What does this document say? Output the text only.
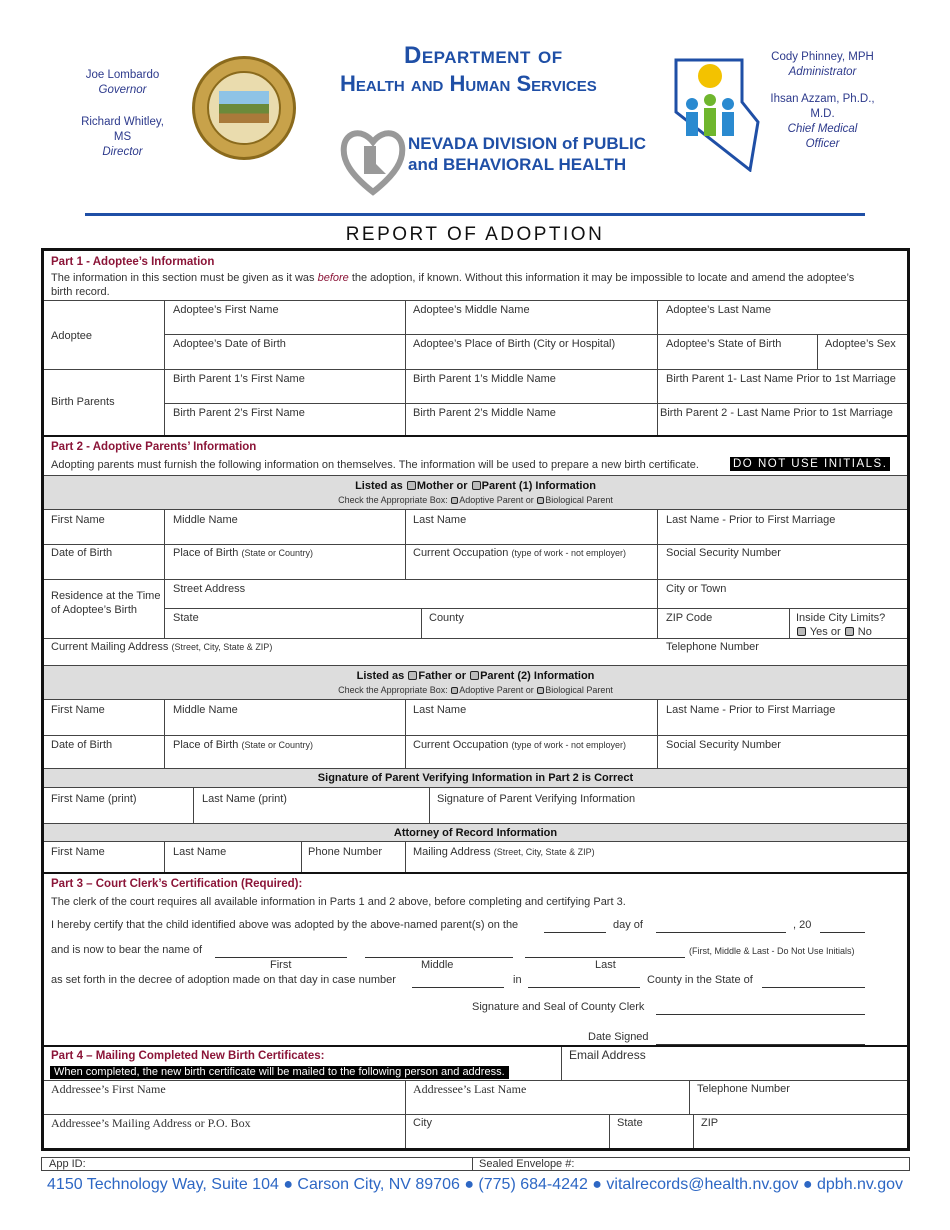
Joe Lombardo
Governor
Richard Whitley, MS
Director
Department of
Health and Human Services
NEVADA DIVISION of PUBLIC
and BEHAVIORAL HEALTH
Cody Phinney, MPH
Administrator
Ihsan Azzam, Ph.D., M.D.
Chief Medical Officer
REPORT OF ADOPTION
Part 1 - Adoptee’s Information
The information in this section must be given as it was before the adoption, if known. Without this information it may be impossible to locate and amend the adoptee’s
birth record.
Adoptee
Adoptee’s First Name	Adoptee’s Middle Name	Adoptee’s Last Name
Adoptee’s Date of Birth	Adoptee’s Place of Birth (City or Hospital)	Adoptee’s State of Birth	Adoptee’s Sex
Birth Parents
Birth Parent 1’s First Name	Birth Parent 1’s Middle Name	Birth Parent 1- Last Name Prior to 1st Marriage
Birth Parent 2’s First Name	Birth Parent 2’s Middle Name	Birth Parent 2 - Last Name Prior to 1st Marriage
Part 2 - Adoptive Parents’ Information
Adopting parents must furnish the following information on themselves. The information will be used to prepare a new birth certificate.	DO NOT USE INITIALS.
Listed as Mother or Parent (1) Information
Check the Appropriate Box: Adoptive Parent or Biological Parent
First Name	Middle Name	Last Name	Last Name - Prior to First Marriage
Date of Birth	Place of Birth (State or Country)	Current Occupation (type of work - not employer)	Social Security Number
Residence at the Time of Adoptee’s Birth
Street Address	City or Town
State	County	ZIP Code	Inside City Limits?
Yes or No
Current Mailing Address (Street, City, State & ZIP)	Telephone Number
Listed as Father or Parent (2) Information
Check the Appropriate Box: Adoptive Parent or Biological Parent
First Name	Middle Name	Last Name	Last Name - Prior to First Marriage
Date of Birth	Place of Birth (State or Country)	Current Occupation (type of work - not employer)	Social Security Number
Signature of Parent Verifying Information in Part 2 is Correct
First Name (print)	Last Name (print)	Signature of Parent Verifying Information
Attorney of Record Information
First Name	Last Name	Phone Number	Mailing Address (Street, City, State & ZIP)
Part 3 – Court Clerk’s Certification (Required):
The clerk of the court requires all available information in Parts 1 and 2 above, before completing and certifying Part 3.
I hereby certify that the child identified above was adopted by the above-named parent(s) on the	day of	, 20
and is now to bear the name of	(First, Middle & Last - Do Not Use Initials)
First	Middle	Last
as set forth in the decree of adoption made on that day in case number	in	County in the State of
Signature and Seal of County Clerk
Date Signed
Part 4 – Mailing Completed New Birth Certificates:
When completed, the new birth certificate will be mailed to the following person and address.
Email Address
Addressee’s First Name	Addressee’s Last Name	Telephone Number
Addressee’s Mailing Address or P.O. Box	City	State	ZIP
App ID:	Sealed Envelope #:
4150 Technology Way, Suite 104 ● Carson City, NV 89706 ● (775) 684-4242 ● vitalrecords@health.nv.gov ● dpbh.nv.gov
